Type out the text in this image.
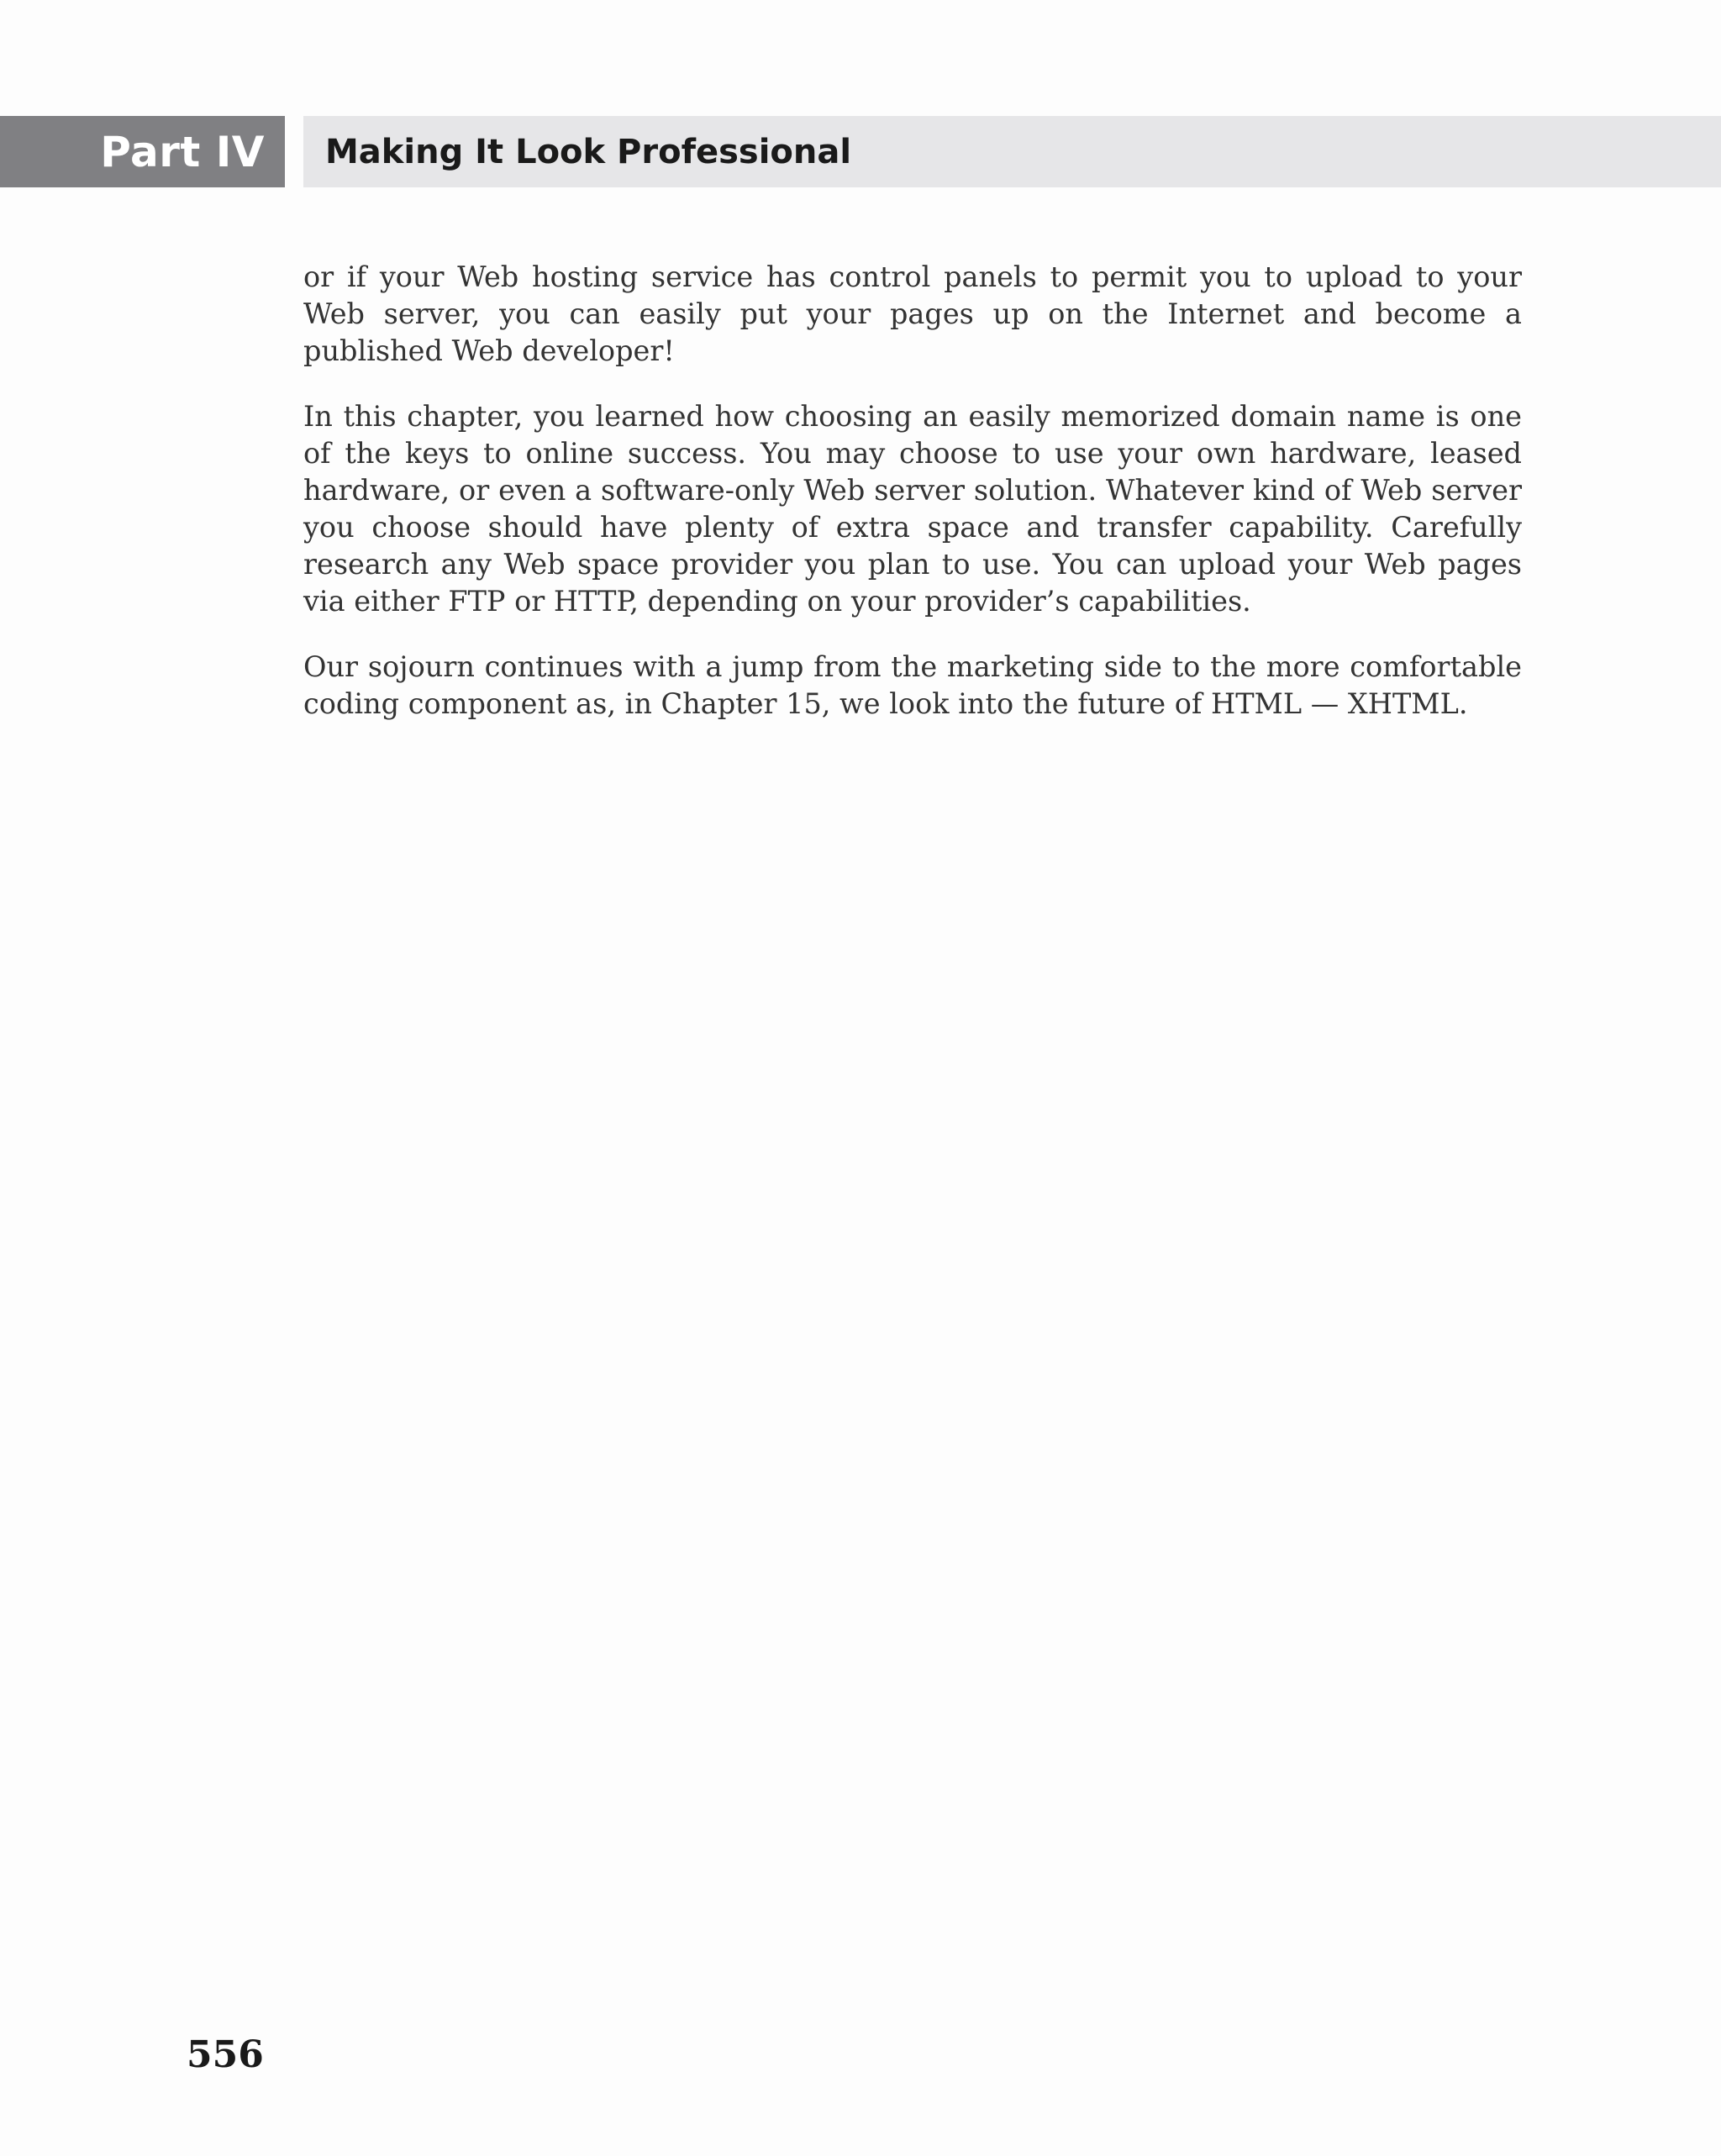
Part IV	Making It Look Professional

or if your Web hosting service has control panels to permit you to upload to your Web server, you can easily put your pages up on the Internet and become a published Web developer!

In this chapter, you learned how choosing an easily memorized domain name is one of the keys to online success. You may choose to use your own hardware, leased hardware, or even a software-only Web server solution. Whatever kind of Web server you choose should have plenty of extra space and transfer capability. Carefully research any Web space provider you plan to use. You can upload your Web pages via either FTP or HTTP, depending on your provider’s capabilities.

Our sojourn continues with a jump from the marketing side to the more comfortable coding component as, in Chapter 15, we look into the future of HTML — XHTML.

556
